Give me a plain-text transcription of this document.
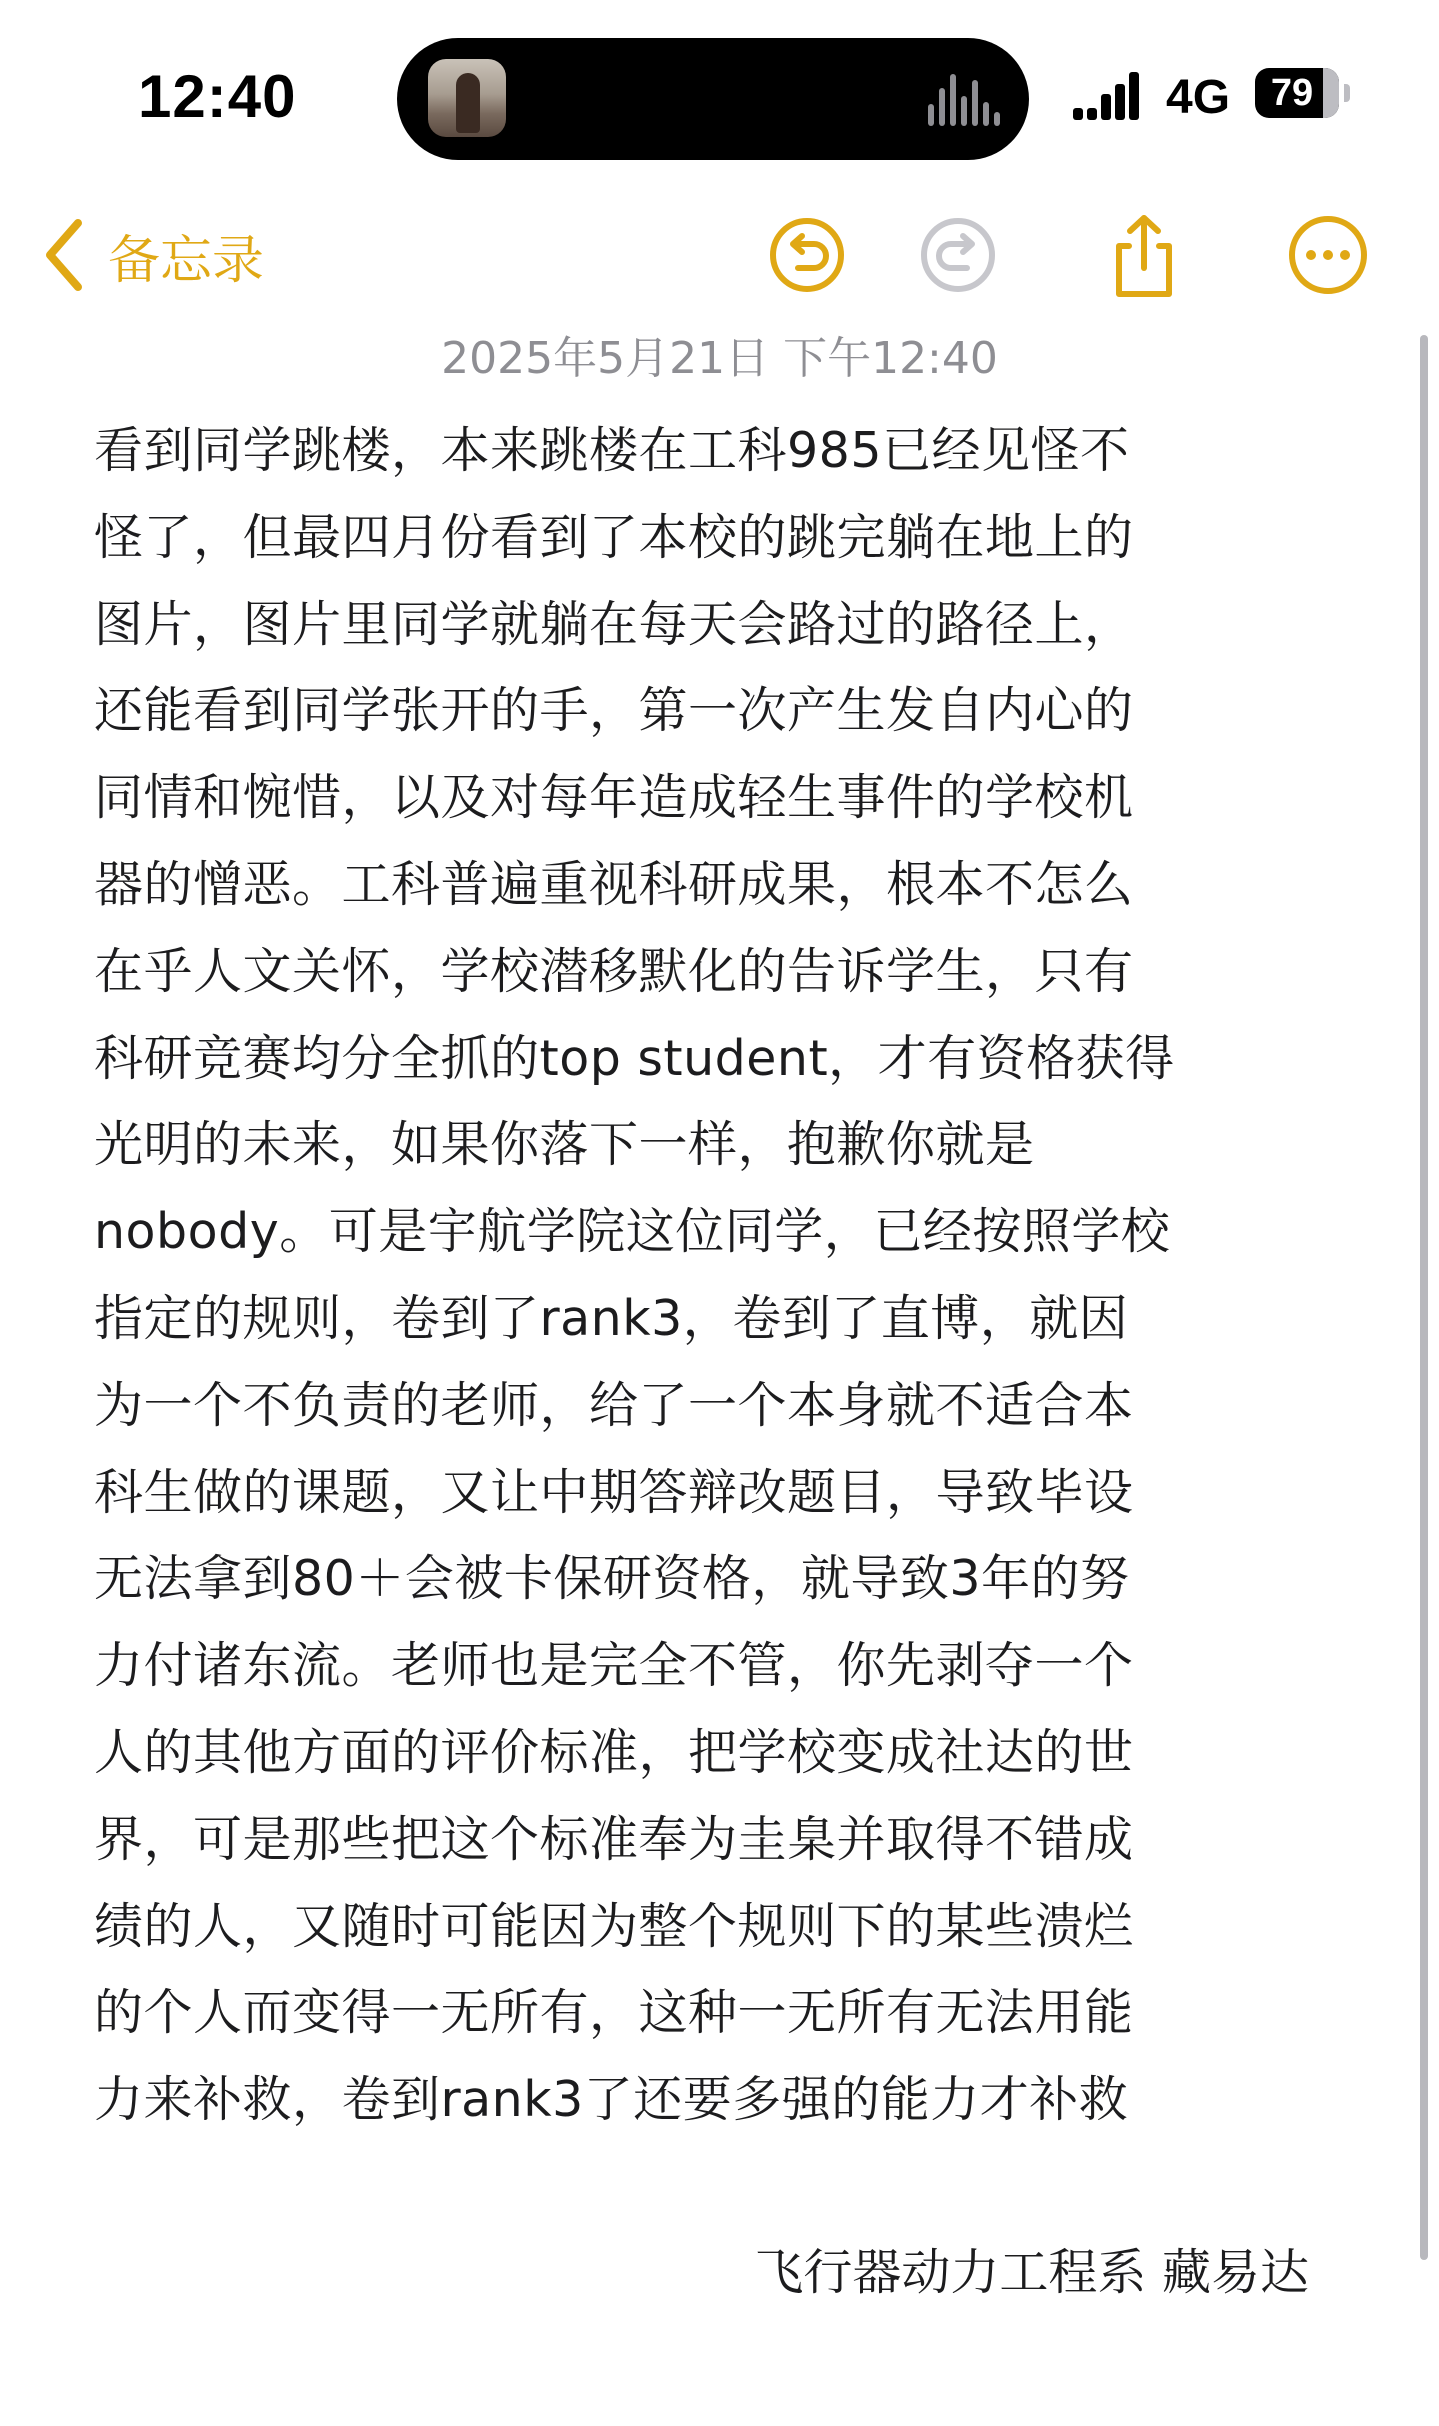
12:40	4G	79
备忘录
2025年5月21日 下午12:40
看到同学跳楼，本来跳楼在工科985已经见怪不
怪了，但最四月份看到了本校的跳完躺在地上的
图片，图片里同学就躺在每天会路过的路径上，
还能看到同学张开的手，第一次产生发自内心的
同情和惋惜，以及对每年造成轻生事件的学校机
器的憎恶。工科普遍重视科研成果，根本不怎么
在乎人文关怀，学校潜移默化的告诉学生，只有
科研竞赛均分全抓的top student，才有资格获得
光明的未来，如果你落下一样，抱歉你就是
nobody。可是宇航学院这位同学，已经按照学校
指定的规则，卷到了rank3，卷到了直博，就因
为一个不负责的老师，给了一个本身就不适合本
科生做的课题，又让中期答辩改题目，导致毕设
无法拿到80＋会被卡保研资格，就导致3年的努
力付诸东流。老师也是完全不管，你先剥夺一个
人的其他方面的评价标准，把学校变成社达的世
界，可是那些把这个标准奉为圭臬并取得不错成
绩的人，又随时可能因为整个规则下的某些溃烂
的个人而变得一无所有，这种一无所有无法用能
力来补救，卷到rank3了还要多强的能力才补救
飞行器动力工程系 藏易达
